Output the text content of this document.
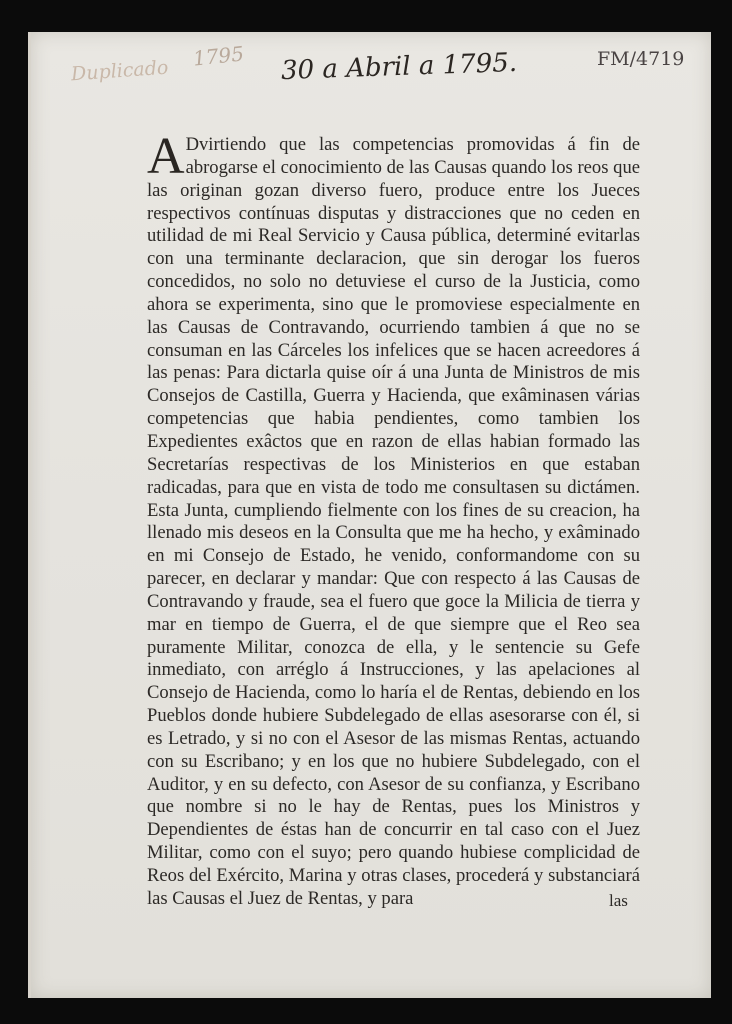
Duplicado
1795 30 a Abril a 1795.	FM/4719
A Dvirtiendo que las competencias promovidas á fin de abrogarse el conocimiento de las Causas quando los reos que las originan gozan diverso fuero, produce entre los Jueces respectivos contínuas disputas y distracciones que no ceden en utilidad de mi Real Servicio y Causa pública, determiné evitarlas con una terminante declaracion, que sin derogar los fueros concedidos, no solo no detuviese el curso de la Justicia, como ahora se experimenta, sino que le promoviese especialmente en las Causas de Contravando, ocurriendo tambien á que no se consuman en las Cárceles los infelices que se hacen acreedores á las penas: Para dictarla quise oír á una Junta de Ministros de mis Consejos de Castilla, Guerra y Hacienda, que exâminasen várias competencias que habia pendientes, como tambien los Expedientes exâctos que en razon de ellas habian formado las Secretarías respectivas de los Ministerios en que estaban radicadas, para que en vista de todo me consultasen su dictámen. Esta Junta, cumpliendo fielmente con los fines de su creacion, ha llenado mis deseos en la Consulta que me ha hecho, y exâminado en mi Consejo de Estado, he venido, conformandome con su parecer, en declarar y mandar: Que con respecto á las Causas de Contravando y fraude, sea el fuero que goce la Milicia de tierra y mar en tiempo de Guerra, el de que siempre que el Reo sea puramente Militar, conozca de ella, y le sentencie su Gefe inmediato, con arréglo á Instrucciones, y las apelaciones al Consejo de Hacienda, como lo haría el de Rentas, debiendo en los Pueblos donde hubiere Subdelegado de ellas asesorarse con él, si es Letrado, y si no con el Asesor de las mismas Rentas, actuando con su Escribano; y en los que no hubiere Subdelegado, con el Auditor, y en su defecto, con Asesor de su confianza, y Escribano que nombre si no le hay de Rentas, pues los Ministros y Dependientes de éstas han de concurrir en tal caso con el Juez Militar, como con el suyo; pero quando hubiese complicidad de Reos del Exército, Marina y otras clases, procederá y substanciará las Causas el Juez de Rentas, y para	las
